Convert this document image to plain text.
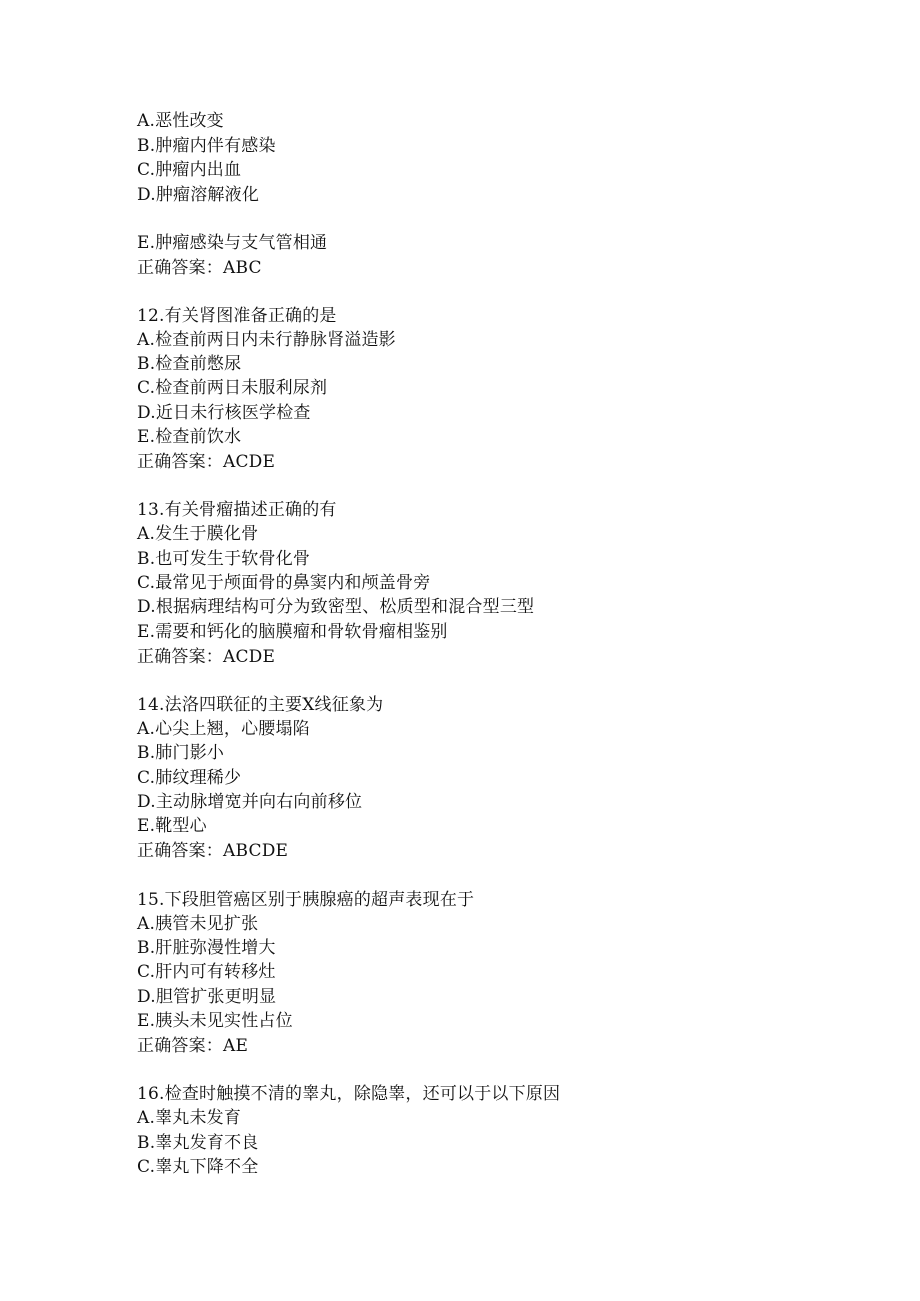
A.恶性改变
B.肿瘤内伴有感染
C.肿瘤内出血
D.肿瘤溶解液化
E.肿瘤感染与支气管相通
正确答案：ABC
12.有关肾图准备正确的是
A.检查前两日内未行静脉肾溢造影
B.检查前憋尿
C.检查前两日未服利尿剂
D.近日未行核医学检查
E.检查前饮水
正确答案：ACDE
13.有关骨瘤描述正确的有
A.发生于膜化骨
B.也可发生于软骨化骨
C.最常见于颅面骨的鼻窦内和颅盖骨旁
D.根据病理结构可分为致密型、松质型和混合型三型
E.需要和钙化的脑膜瘤和骨软骨瘤相鉴别
正确答案：ACDE
14.法洛四联征的主要X线征象为
A.心尖上翘，心腰塌陷
B.肺门影小
C.肺纹理稀少
D.主动脉增宽并向右向前移位
E.靴型心
正确答案：ABCDE
15.下段胆管癌区别于胰腺癌的超声表现在于
A.胰管未见扩张
B.肝脏弥漫性增大
C.肝内可有转移灶
D.胆管扩张更明显
E.胰头未见实性占位
正确答案：AE
16.检查时触摸不清的睾丸，除隐睾，还可以于以下原因
A.睾丸未发育
B.睾丸发育不良
C.睾丸下降不全
